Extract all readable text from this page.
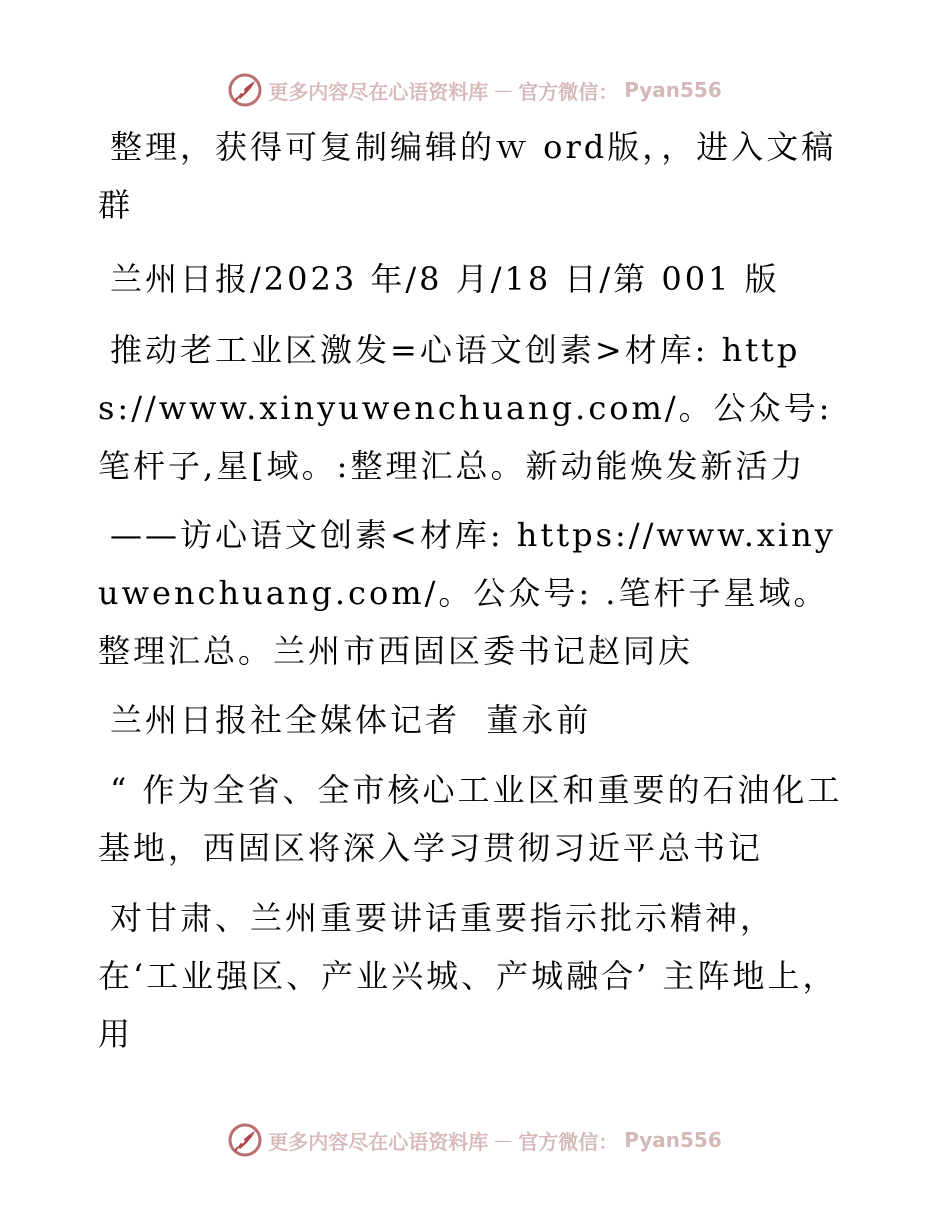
更多内容尽在心语资料库 — 官方微信： Pyan556

整理，获得可复制编辑的ｗ ord版，，进入文稿群

兰州日报/2023 年/8 月/18 日/第 001 版

推动老工业区激发=心语文创素>材库: https://www.xinyuwenchuang.com/。公众号: 笔杆子,星[域。:整理汇总。新动能焕发新活力

——访心语文创素<材库: https://www.xinyuwenchuang.com/。公众号: .笔杆子星域。整理汇总。兰州市西固区委书记赵同庆

兰州日报社全媒体记者  董永前

“ 作为全省、全市核心工业区和重要的石油化工基地，西固区将深入学习贯彻习近平总书记

对甘肃、兰州重要讲话重要指示批示精神，在‘工业强区、产业兴城、产城融合’ 主阵地上，用

更多内容尽在心语资料库 — 官方微信： Pyan556
